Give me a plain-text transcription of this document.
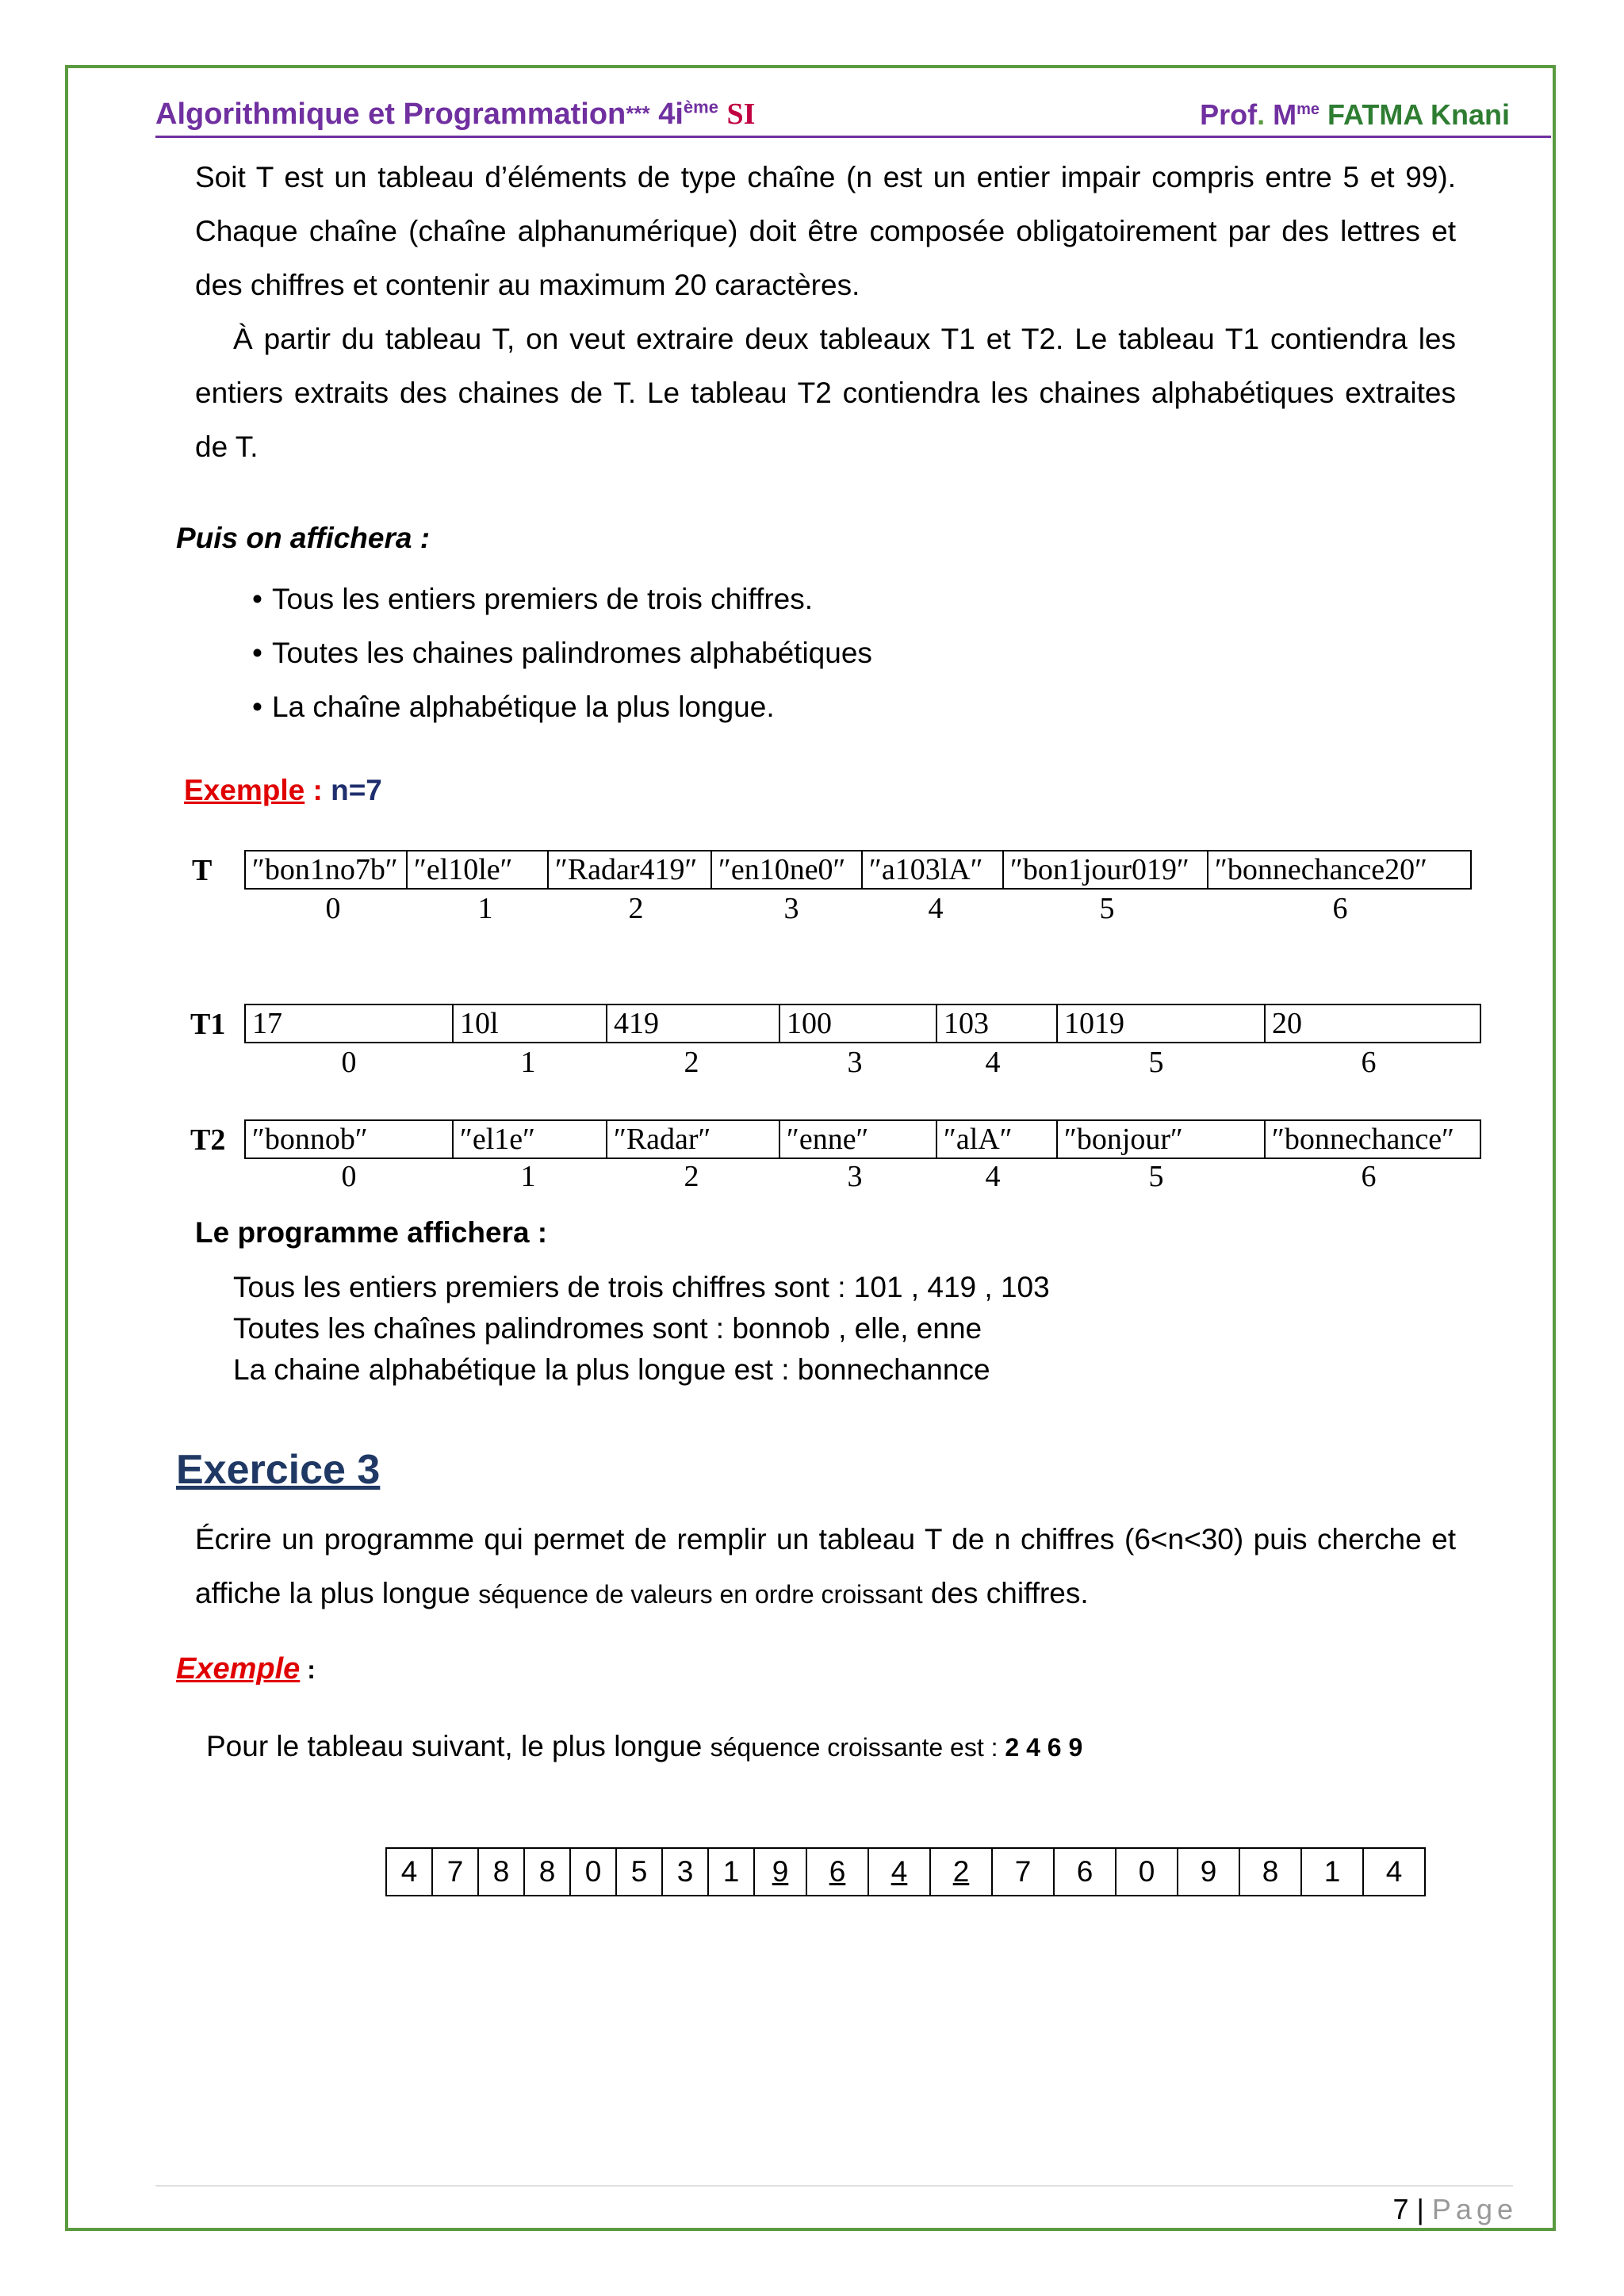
Algorithmique et Programmation*** $4i^{ème}$ SI	Prof. $M^{me}$ FATMA Knani

Soit T est un tableau d’éléments de type chaîne (n est un entier impair compris entre 5 et 99). Chaque chaîne (chaîne alphanumérique) doit être composée obligatoirement par des lettres et des chiffres et contenir au maximum 20 caractères.

À partir du tableau T, on veut extraire deux tableaux T1 et T2. Le tableau T1 contiendra les entiers extraits des chaines de T. Le tableau T2 contiendra les chaines alphabétiques extraites de T.

Puis on affichera :
• Tous les entiers premiers de trois chiffres.
• Toutes les chaines palindromes alphabétiques
• La chaîne alphabétique la plus longue.
Exemple : n=7
T ″bon1no7b″	″el10le″	″Radar419″	″en10ne0″	″a103lA″	″bon1jour019″	″bonnechance20″
0	1	2	3	4	5	6
T1 17	10l	419	100	103	1019	20
0	1	2	3	4	5	6
T2 ″bonnob″	″el1e″	″Radar″	″enne″	″alA″	″bonjour″	″bonnechance″
0	1	2	3	4	5	6
Le programme affichera :
Tous les entiers premiers de trois chiffres sont : 101 , 419 , 103
Toutes les chaînes palindromes sont : bonnob , elle, enne
La chaine alphabétique la plus longue est : bonnechannce
Exercice 3

Écrire un programme qui permet de remplir un tableau T de n chiffres (6<n<30) puis cherche et affiche la plus longue séquence de valeurs en ordre croissant des chiffres.

Exemple :
Pour le tableau suivant, le plus longue séquence croissante est : 2 4 6 9
4	7	8	8	0	5	3	1	9	6	4	2	7	6	0	9	8	1	4
7 | Page
